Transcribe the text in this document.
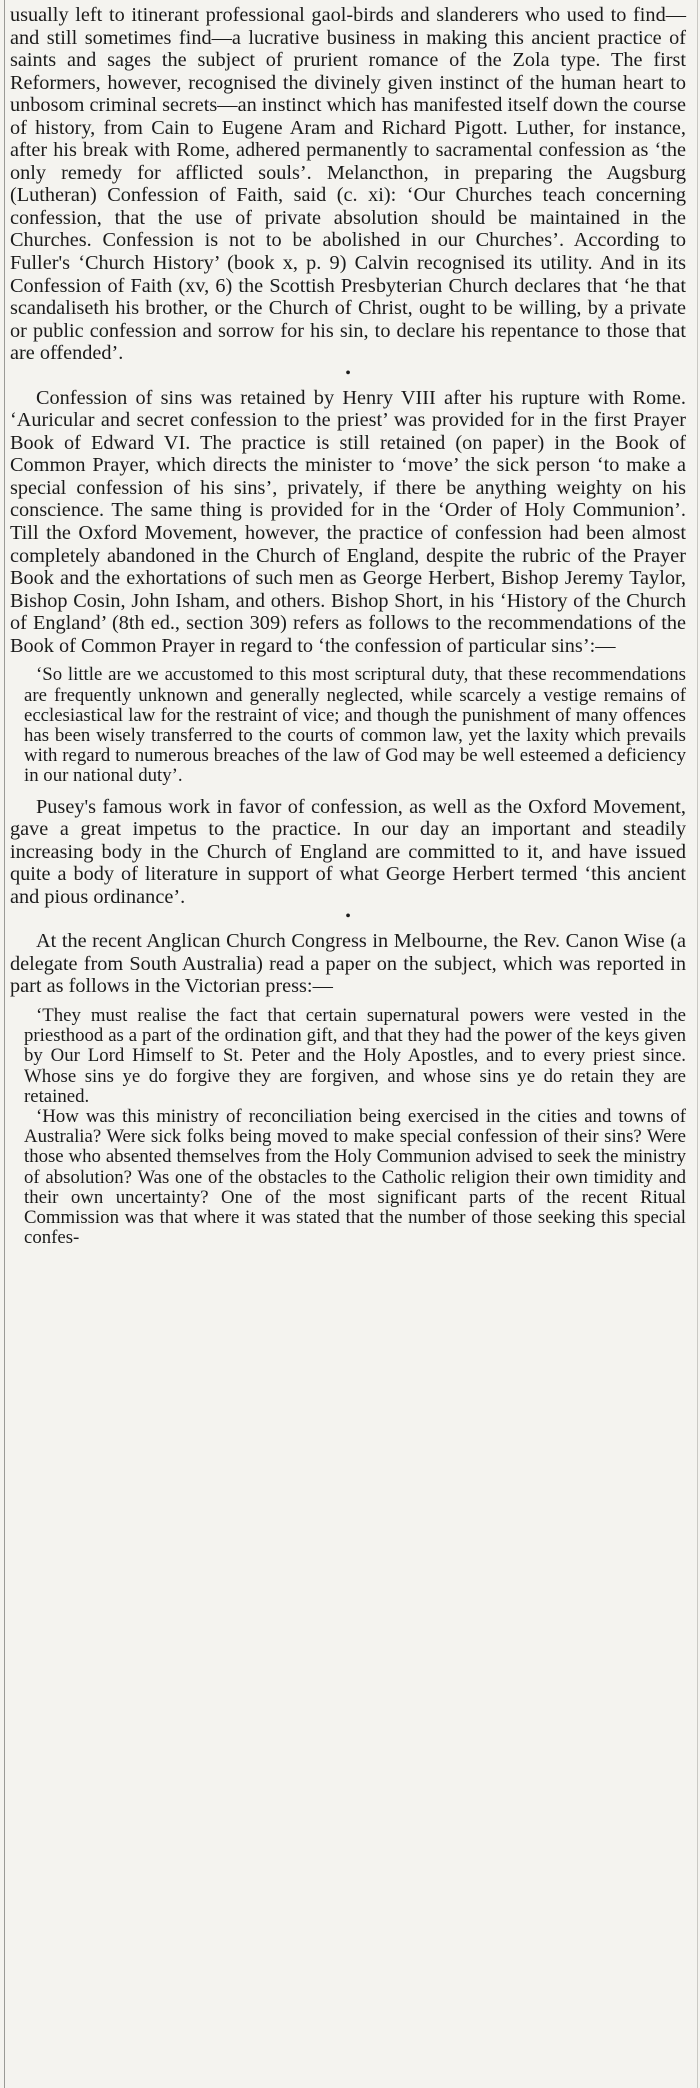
usually left to itinerant professional gaol-birds and slanderers who used to find—and still sometimes find—a lucrative business in making this ancient practice of saints and sages the subject of prurient romance of the Zola type. The first Reformers, however, recognised the divinely given instinct of the human heart to unbosom criminal secrets—an instinct which has manifested itself down the course of history, from Cain to Eugene Aram and Richard Pigott. Luther, for instance, after his break with Rome, adhered permanently to sacramental confession as ‘the only remedy for afflicted souls’. Melancthon, in preparing the Augsburg (Lutheran) Confession of Faith, said (c. xi): ‘Our Churches teach concerning confession, that the use of private absolution should be maintained in the Churches. Confession is not to be abolished in our Churches’. According to Fuller's ‘Church History’ (book x, p. 9) Calvin recognised its utility. And in its Confession of Faith (xv, 6) the Scottish Presbyterian Church declares that ‘he that scandaliseth his brother, or the Church of Christ, ought to be willing, by a private or public confession and sorrow for his sin, to declare his repentance to those that are offended’.

•

Confession of sins was retained by Henry VIII after his rupture with Rome. ‘Auricular and secret confession to the priest’ was provided for in the first Prayer Book of Edward VI. The practice is still retained (on paper) in the Book of Common Prayer, which directs the minister to ‘move’ the sick person ‘to make a special confession of his sins’, privately, if there be anything weighty on his conscience. The same thing is provided for in the ‘Order of Holy Communion’. Till the Oxford Movement, however, the practice of confession had been almost completely abandoned in the Church of England, despite the rubric of the Prayer Book and the exhortations of such men as George Herbert, Bishop Jeremy Taylor, Bishop Cosin, John Isham, and others. Bishop Short, in his ‘History of the Church of England’ (8th ed., section 309) refers as follows to the recommendations of the Book of Common Prayer in regard to ‘the confession of particular sins’:—

‘So little are we accustomed to this most scriptural duty, that these recommendations are frequently unknown and generally neglected, while scarcely a vestige remains of ecclesiastical law for the restraint of vice; and though the punishment of many offences has been wisely transferred to the courts of common law, yet the laxity which prevails with regard to numerous breaches of the law of God may be well esteemed a deficiency in our national duty’.

Pusey's famous work in favor of confession, as well as the Oxford Movement, gave a great impetus to the practice. In our day an important and steadily increasing body in the Church of England are committed to it, and have issued quite a body of literature in support of what George Herbert termed ‘this ancient and pious ordinance’.

•

At the recent Anglican Church Congress in Melbourne, the Rev. Canon Wise (a delegate from South Australia) read a paper on the subject, which was reported in part as follows in the Victorian press:—

‘They must realise the fact that certain supernatural powers were vested in the priesthood as a part of the ordination gift, and that they had the power of the keys given by Our Lord Himself to St. Peter and the Holy Apostles, and to every priest since. Whose sins ye do forgive they are forgiven, and whose sins ye do retain they are retained.

‘How was this ministry of reconciliation being exercised in the cities and towns of Australia? Were sick folks being moved to make special confession of their sins? Were those who absented themselves from the Holy Communion advised to seek the ministry of absolution? Was one of the obstacles to the Catholic religion their own timidity and their own uncertainty? One of the most significant parts of the recent Ritual Commission was that where it was stated that the number of those seeking this special confes-
